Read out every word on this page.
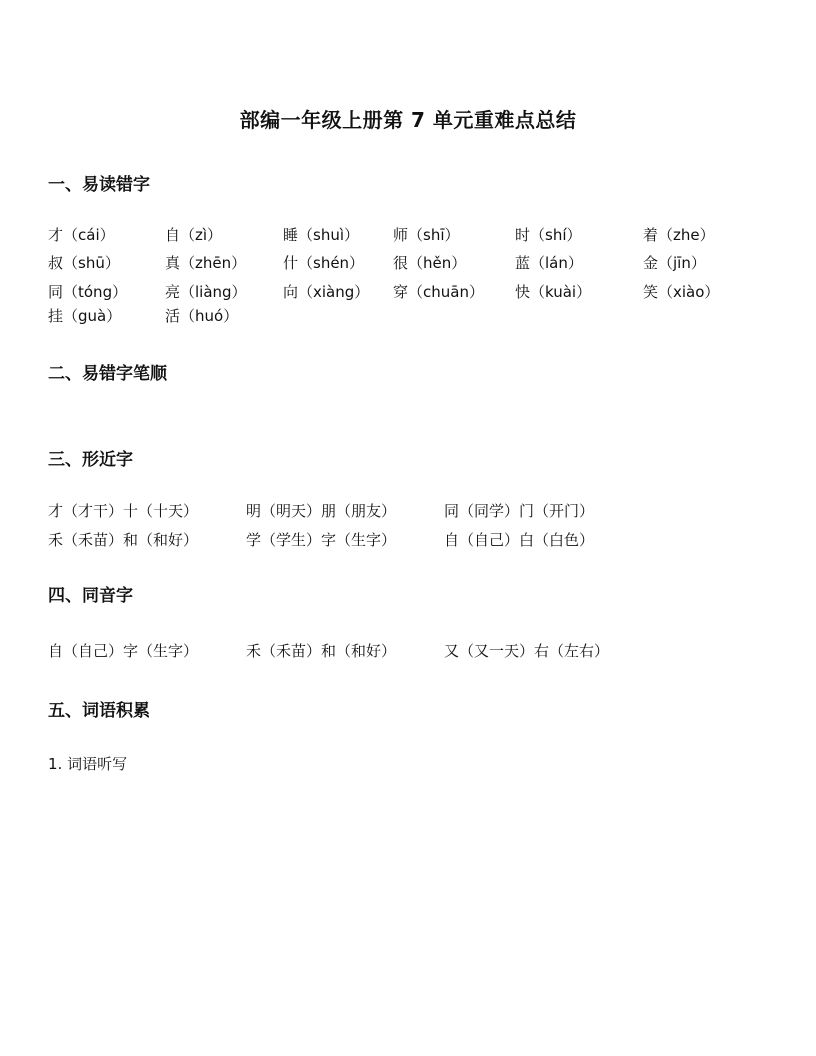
部编一年级上册第 7 单元重难点总结
一、易读错字
才（cái）	自（zì）	睡（shuì） 师（shī）	时（shí）	着（zhe）
叔（shū）	真（zhēn） 什（shén） 很（hěn）	蓝（lán）	金（jīn）
同（tóng）	亮（liàng） 向（xiàng） 穿（chuān） 快（kuài）	笑（xiào）
挂（guà）	活（huó）
二、易错字笔顺
三、形近字
才（才干）十（十天）	明（明天）朋（朋友）	同（同学）门（开门）
禾（禾苗）和（和好）	学（学生）字（生字）	自（自己）白（白色）
四、同音字
自（自己）字（生字）	禾（禾苗）和（和好）	又（又一天）右（左右）
五、词语积累
1. 词语听写
